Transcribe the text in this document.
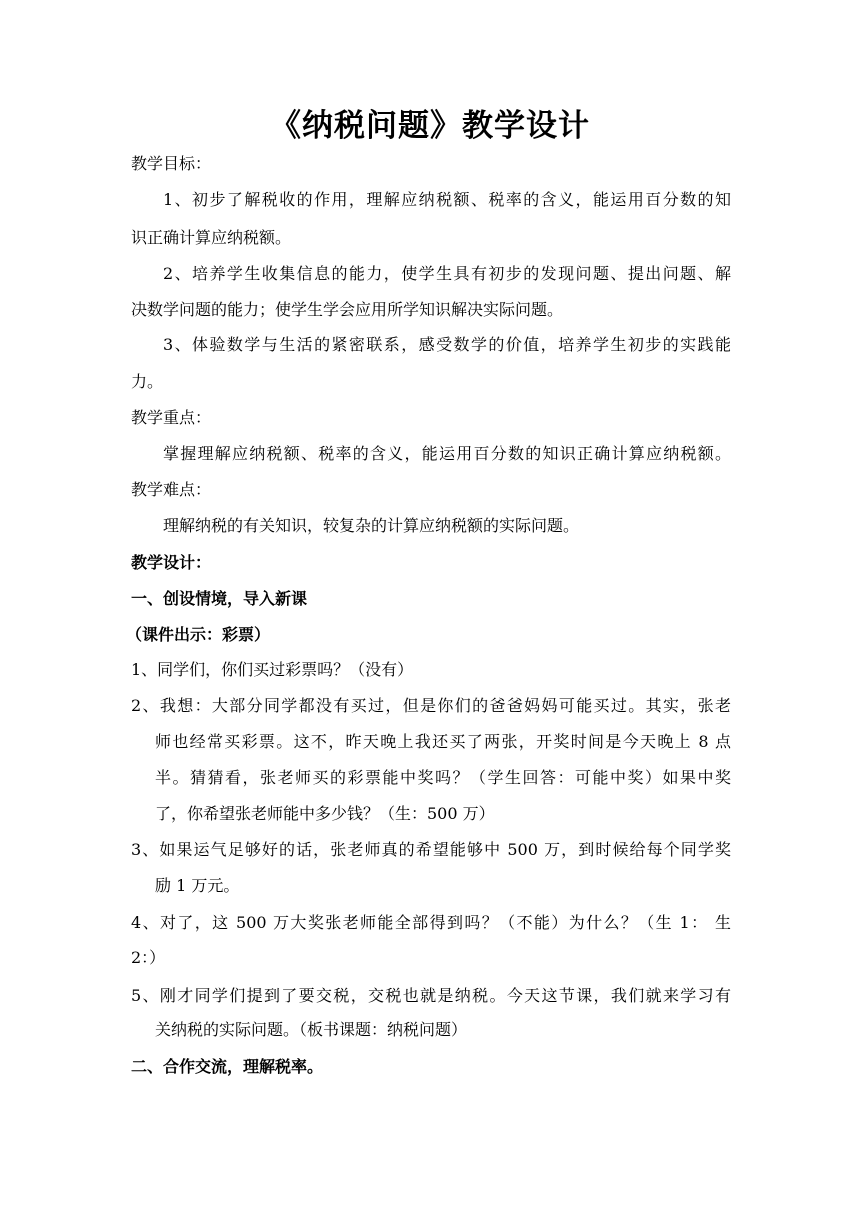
《纳税问题》教学设计
教学目标：
1、初步了解税收的作用，理解应纳税额、税率的含义，能运用百分数的知
识正确计算应纳税额。
2、培养学生收集信息的能力，使学生具有初步的发现问题、提出问题、解
决数学问题的能力；使学生学会应用所学知识解决实际问题。
3、体验数学与生活的紧密联系，感受数学的价值，培养学生初步的实践能
力。
教学重点：
掌握理解应纳税额、税率的含义，能运用百分数的知识正确计算应纳税额。
教学难点：
理解纳税的有关知识，较复杂的计算应纳税额的实际问题。
教学设计：
一、创设情境，导入新课
（课件出示：彩票）
1、同学们，你们买过彩票吗？（没有）
2、我想：大部分同学都没有买过，但是你们的爸爸妈妈可能买过。其实，张老
师也经常买彩票。这不，昨天晚上我还买了两张，开奖时间是今天晚上 8 点
半。猜猜看，张老师买的彩票能中奖吗？（学生回答：可能中奖）如果中奖
了，你希望张老师能中多少钱？（生：500 万）
3、如果运气足够好的话，张老师真的希望能够中 500 万，到时候给每个同学奖
励 1 万元。
4、对了，这 500 万大奖张老师能全部得到吗？（不能）为什么？（生 1： 生
2：）
5、刚才同学们提到了要交税，交税也就是纳税。今天这节课，我们就来学习有
关纳税的实际问题。（板书课题：纳税问题）
二、合作交流，理解税率。
